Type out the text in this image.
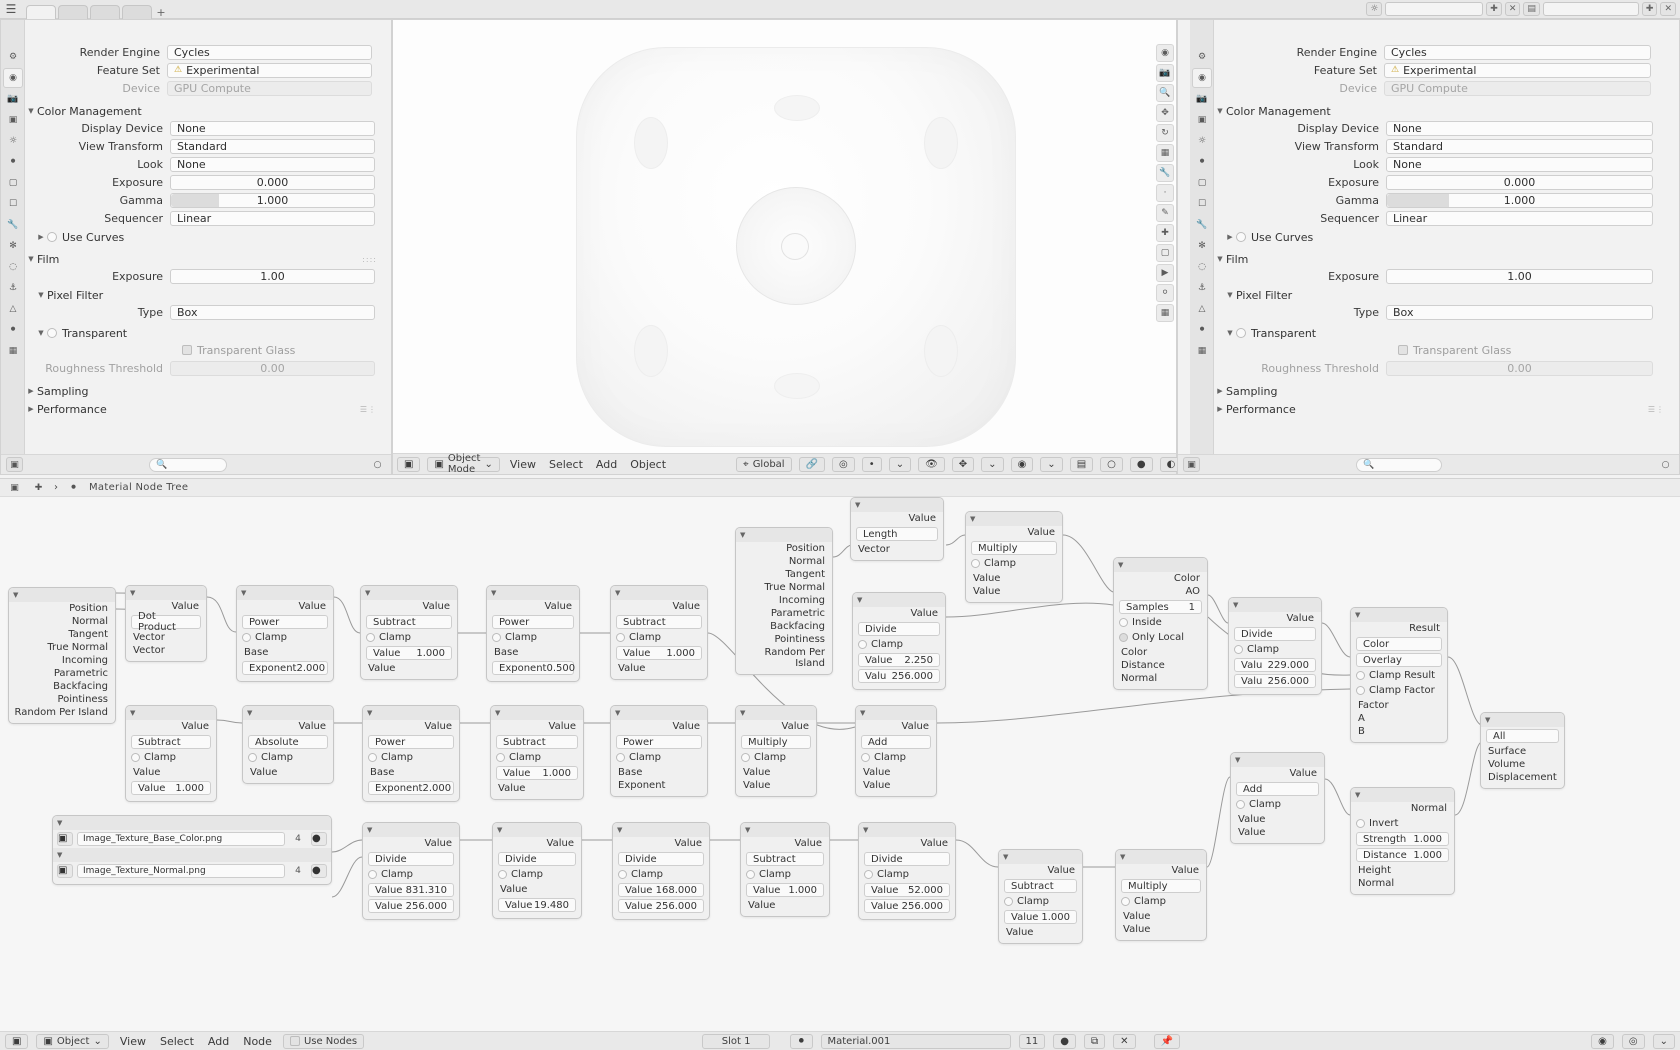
☰	+	☼	✚	✕	▤	✚	✕
⚙
◉
📷
▣
☼
⚫
▢
☐
🔧
✻
◌
⚓
△
⚫
▦
Render Engine	Cycles
Feature Set	⚠ Experimental
Device	GPU Compute
▼ Color Management
Display Device	None
View Transform	Standard
Look	None
Exposure	0.000
Gamma	1.000
Sequencer	Linear
▶	Use Curves
▼ Film	::::
Exposure	1.00
▼ Pixel Filter
Type	Box
▼	Transparent
Transparent Glass
Roughness Threshold	0.00
▶ Sampling
▶ Performance	☰⋮
▣	🔍	○
◉
📷
🔍
✥
↻
▦
🔧
⋅
✎
✚
▢
▶
⚪
▦
▣	▣ Object Mode ⌄ View Select Add Object	⌖ Global	🔗	◎	•	⌄	👁	✥	⌄	◉	⌄	▤	○	●	◐
⚙
◉
📷
▣
☼
⚫
▢
☐
🔧
✻
◌
⚓
△
⚫
▦
Render Engine	Cycles
Feature Set	⚠ Experimental
Device	GPU Compute
▼ Color Management
Display Device	None
View Transform	Standard
Look	None
Exposure	0.000
Gamma	1.000
Sequencer	Linear
▶	Use Curves
▼ Film
Exposure	1.00
▼ Pixel Filter
Type	Box
▼	Transparent
Transparent Glass
Roughness Threshold	0.00
▶ Sampling
▶ Performance	☰⋮
▣	🔍	○
▣	✚	›	⚫	Material Node Tree
▼
Position
Normal
Tangent
True Normal
Incoming
Parametric
Backfacing
Pointiness
Random Per Island
▼
Value
Dot Product
Vector
Vector
▼
Value
Power
Clamp
Base
Exponent 2.000
▼
Value
Subtract
Clamp
Value 1.000
Value
▼
Value
Power
Clamp
Base
Exponent 0.500
▼
Value
Subtract
Clamp
Value 1.000
Value
▼
Position
Normal
Tangent
True Normal
Incoming
Parametric
Backfacing
Pointiness
Random Per Island
▼
Value
Length
Vector
▼
Value
Multiply
Clamp
Value
Value
▼
Value
Divide
Clamp
Value 2.250
Valu 256.000
▼
Color
AO
Samples 1
Inside
Only Local
Color
Distance
Normal
▼
Value
Divide
Clamp
Valu 229.000
Valu 256.000
▼
Result
Color
Overlay
Clamp Result
Clamp Factor
Factor
A
B
▼
All
Surface
Volume
Displacement
▼
Value
Subtract
Clamp
Value
Value 1.000
▼
Value
Absolute
Clamp
Value
▼
Value
Power
Clamp
Base
Exponent 2.000
▼
Value
Subtract
Clamp
Value 1.000
Value
▼
Value
Power
Clamp
Base
Exponent
▼
Value
Multiply
Clamp
Value
Value
▼
Value
Add
Clamp
Value
Value
▼
Value
Add
Clamp
Value
Value
▼
Normal
Invert
Strength 1.000
Distance 1.000
Height
Normal
▼
Value
Divide
Clamp
Value 831.310
Value 256.000
▼
Value
Divide
Clamp
Value
Value 19.480
▼
Value
Divide
Clamp
Value 168.000
Value 256.000
▼
Value
Subtract
Clamp
Value 1.000
Value
▼
Value
Divide
Clamp
Value 52.000
Value 256.000
▼
Value
Subtract
Clamp
Value 1.000
Value
▼
Value
Multiply
Clamp
Value
Value
▼
▣	Image_Texture_Base_Color.png	4	●
▼
▣	Image_Texture_Normal.png	4	●
▣	▣ Object ⌄ View Select Add Node	Use Nodes	Slot 1	⚫	Material.001	11	●	⧉	✕	📌	◉	◎	⌄
